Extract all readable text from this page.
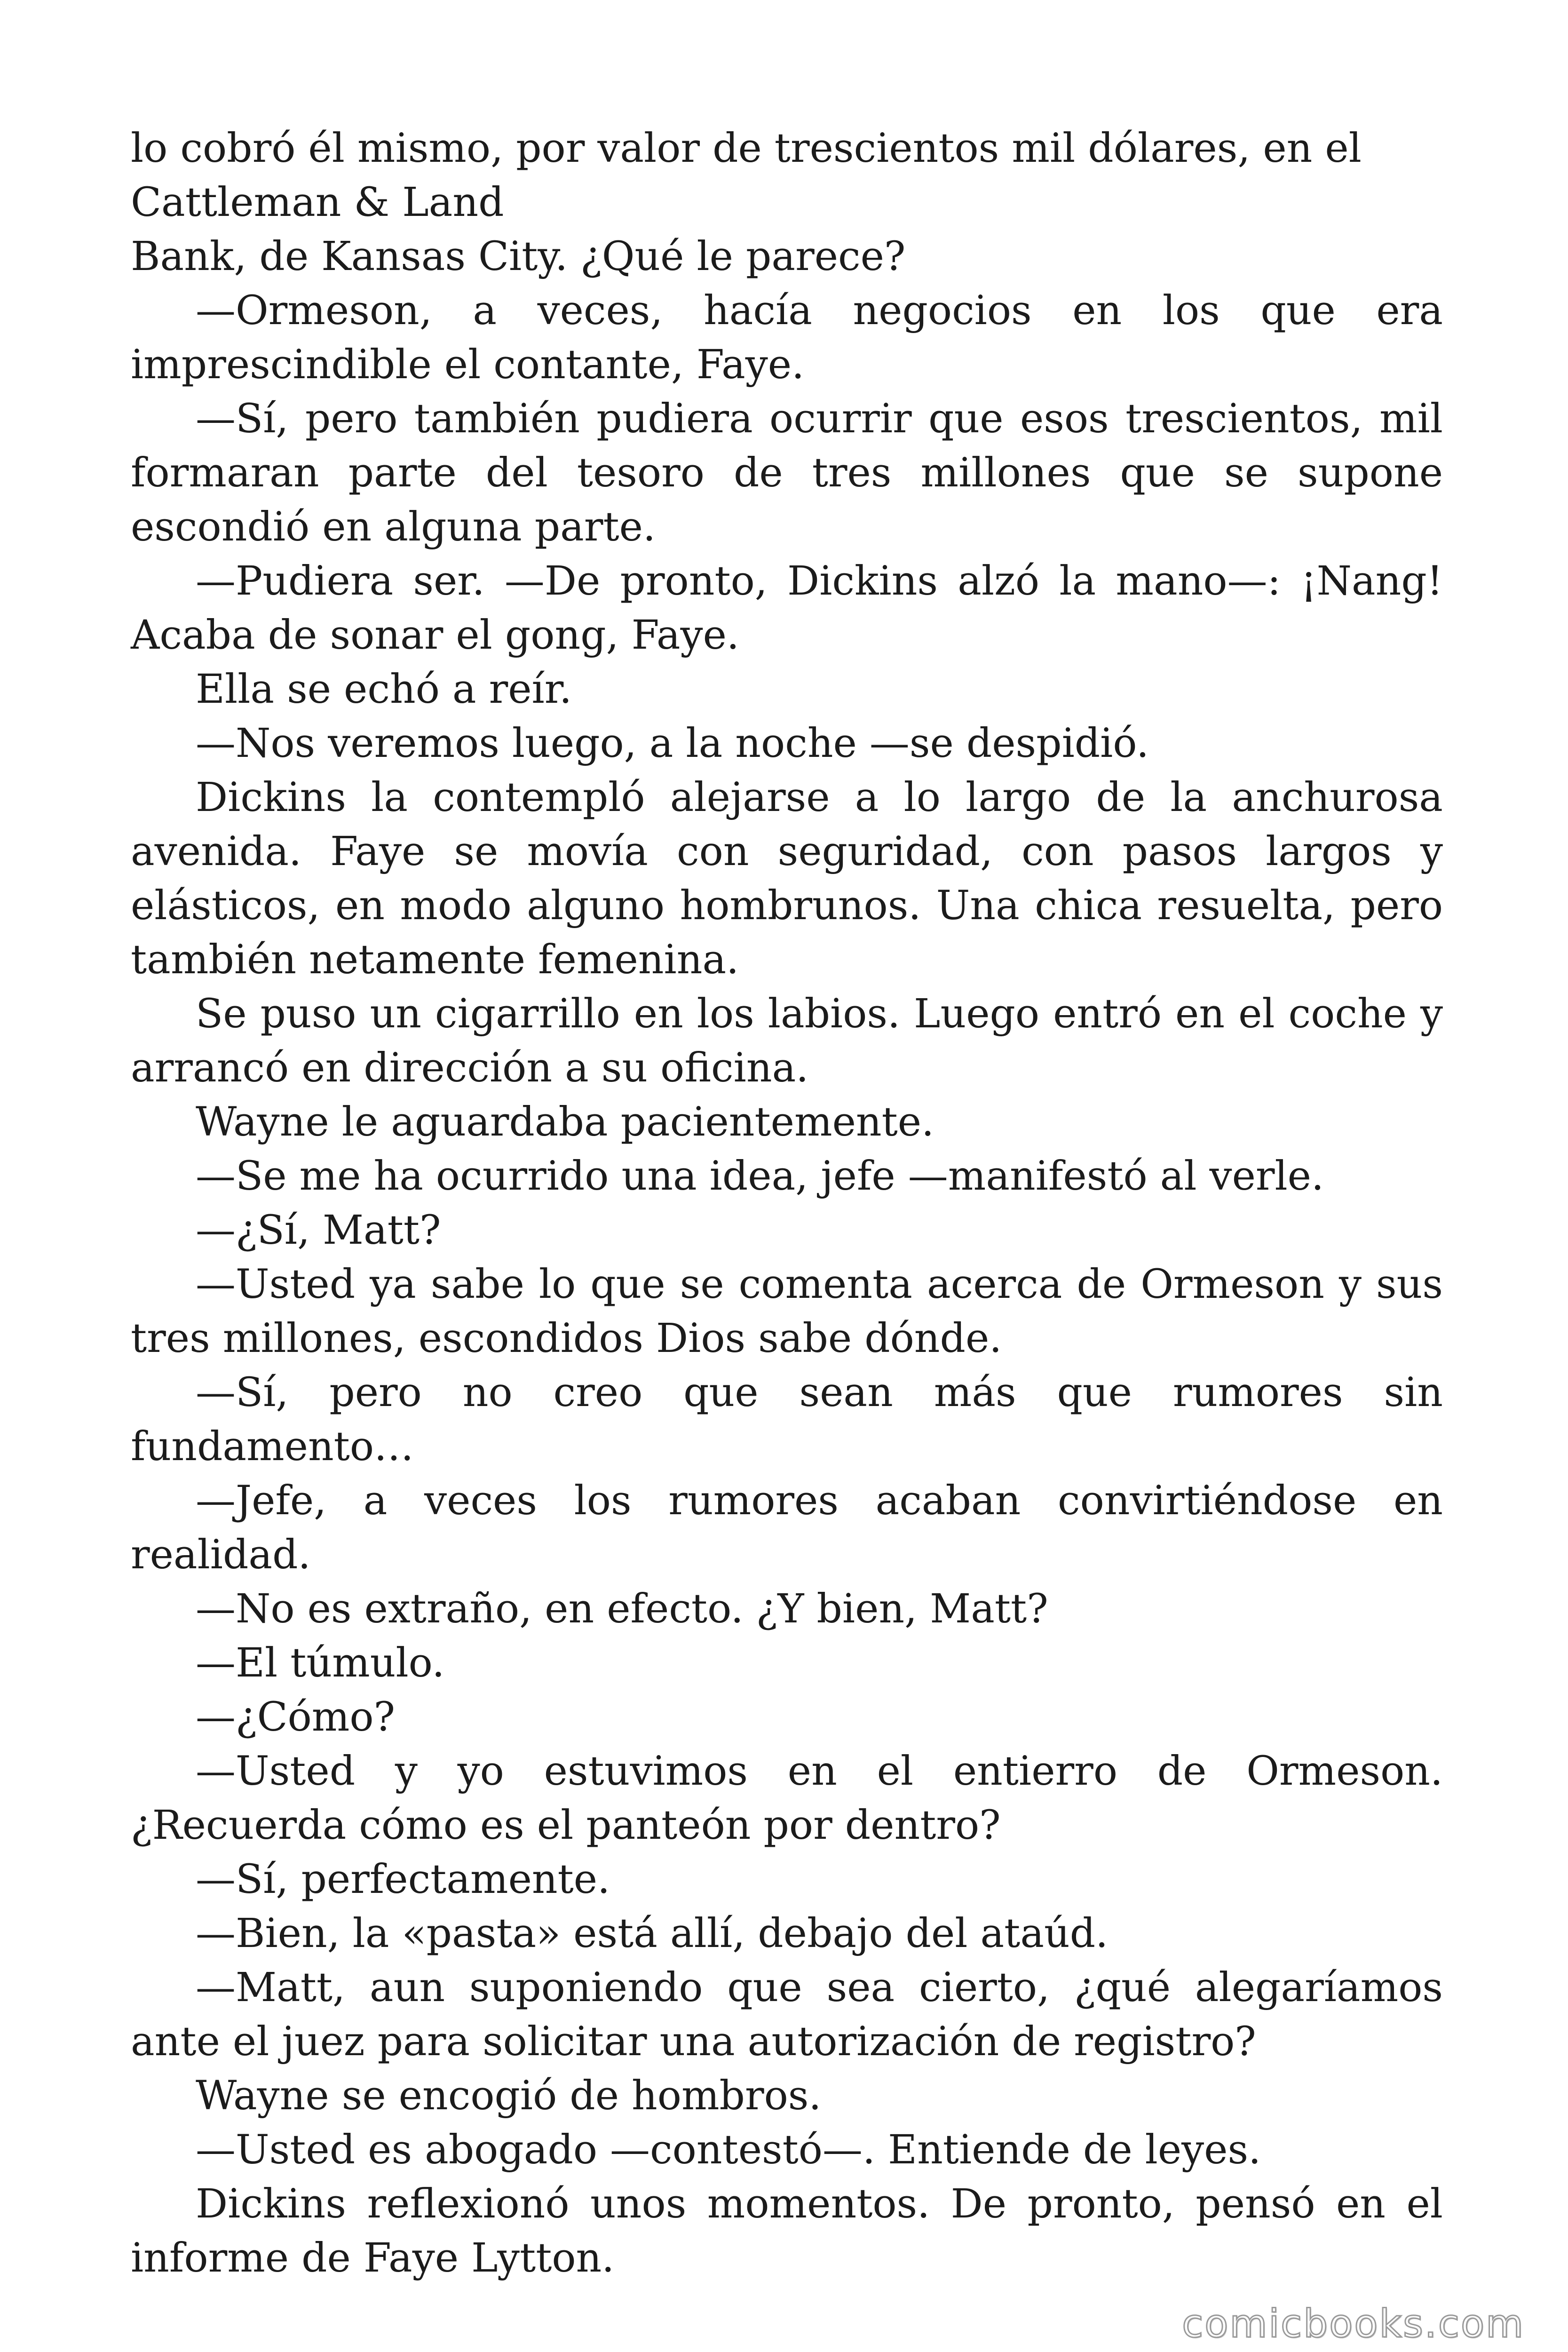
lo cobró él mismo, por valor de trescientos mil dólares, en el
Cattleman & Land
Bank, de Kansas City. ¿Qué le parece?

—Ormeson, a veces, hacía negocios en los que era imprescindible el contante, Faye.

—Sí, pero también pudiera ocurrir que esos trescientos, mil formaran parte del tesoro de tres millones que se supone escondió en alguna parte.

—Pudiera ser. —De pronto, Dickins alzó la mano—: ¡Nang! Acaba de sonar el gong, Faye.

Ella se echó a reír.

—Nos veremos luego, a la noche —se despidió.

Dickins la contempló alejarse a lo largo de la anchurosa avenida. Faye se movía con seguridad, con pasos largos y elásticos, en modo alguno hombrunos. Una chica resuelta, pero también netamente femenina.

Se puso un cigarrillo en los labios. Luego entró en el coche y arrancó en dirección a su oficina.

Wayne le aguardaba pacientemente.

—Se me ha ocurrido una idea, jefe —manifestó al verle.

—¿Sí, Matt?

—Usted ya sabe lo que se comenta acerca de Ormeson y sus tres millones, escondidos Dios sabe dónde.

—Sí, pero no creo que sean más que rumores sin fundamento…

—Jefe, a veces los rumores acaban convirtiéndose en realidad.

—No es extraño, en efecto. ¿Y bien, Matt?

—El túmulo.

—¿Cómo?

—Usted y yo estuvimos en el entierro de Ormeson. ¿Recuerda cómo es el panteón por dentro?

—Sí, perfectamente.

—Bien, la «pasta» está allí, debajo del ataúd.

—Matt, aun suponiendo que sea cierto, ¿qué alegaríamos ante el juez para solicitar una autorización de registro?

Wayne se encogió de hombros.

—Usted es abogado —contestó—. Entiende de leyes.

Dickins reflexionó unos momentos. De pronto, pensó en el informe de Faye Lytton.

comicbooks.com
